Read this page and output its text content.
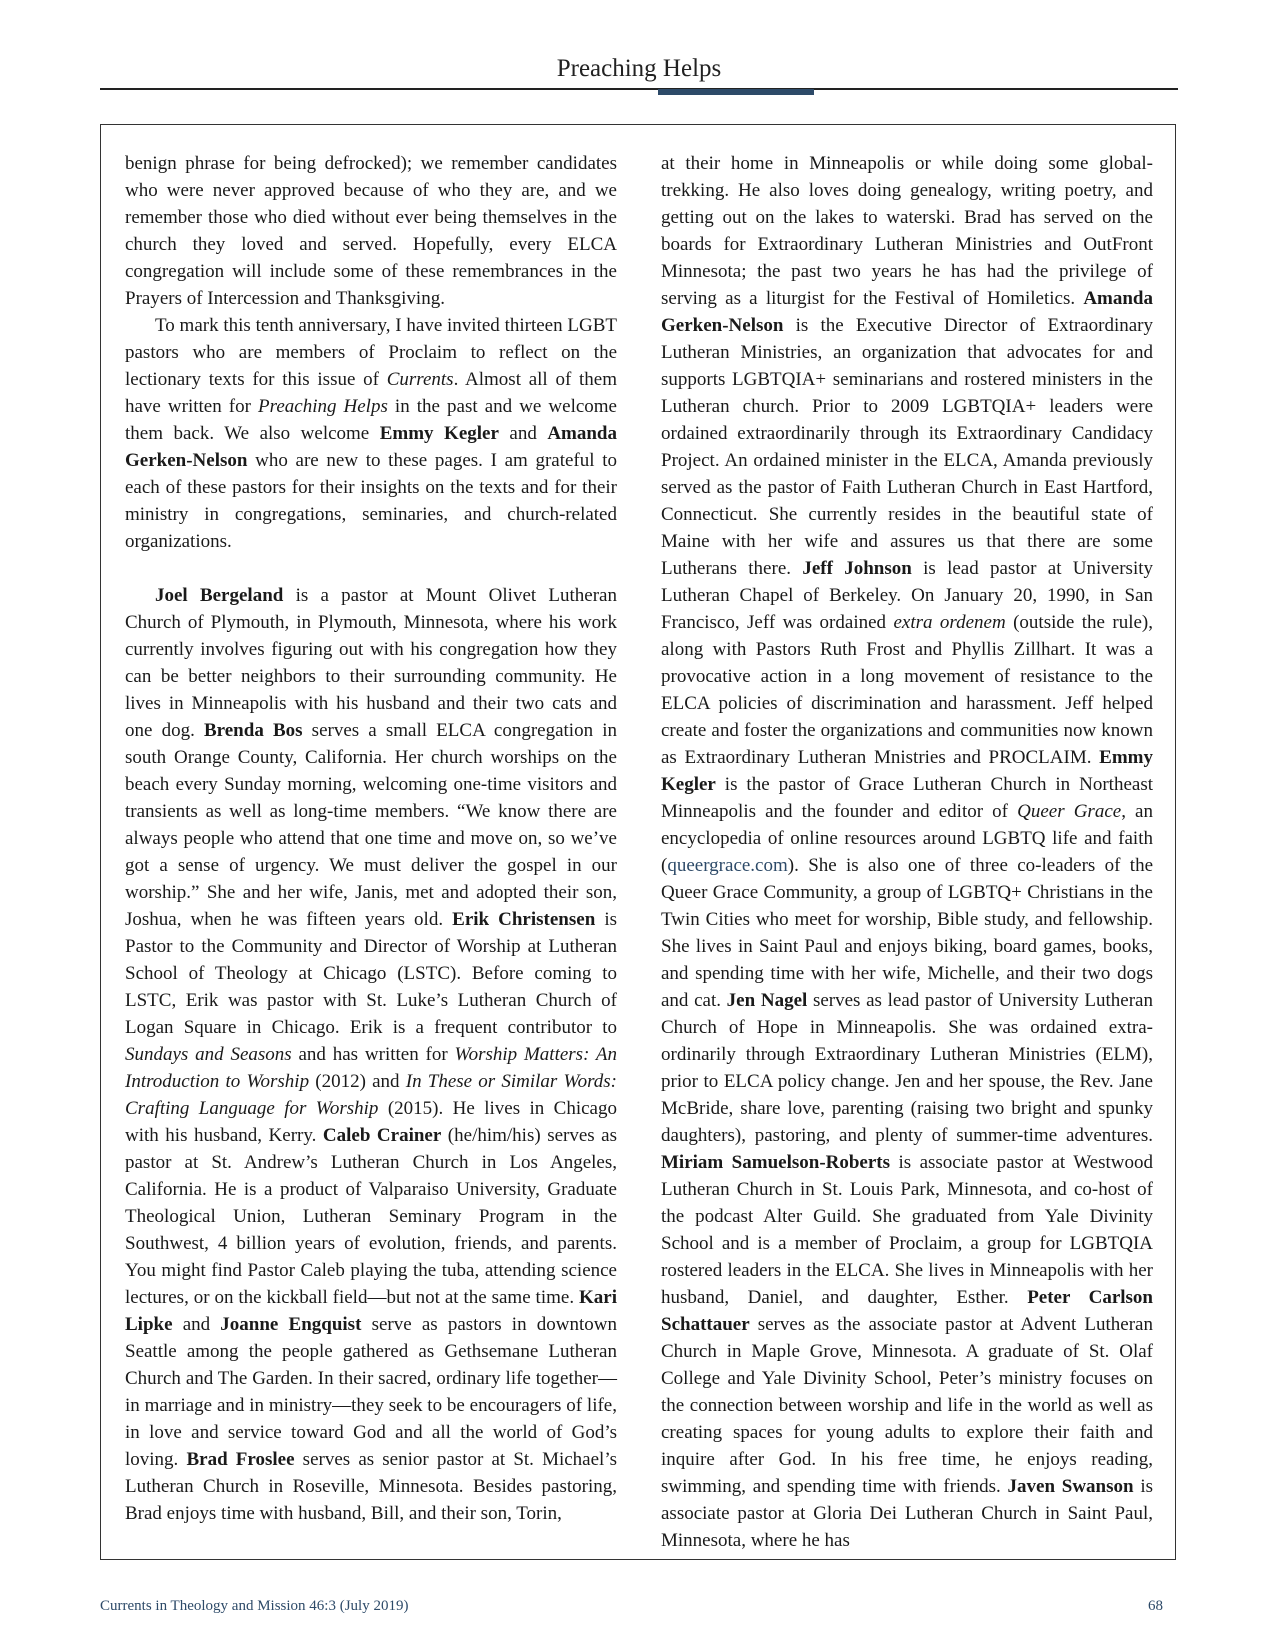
Preaching Helps

benign phrase for being defrocked); we remember candidates who were never approved because of who they are, and we remember those who died without ever being themselves in the church they loved and served. Hopefully, every ELCA congregation will include some of these remembrances in the Prayers of Intercession and Thanksgiving.

To mark this tenth anniversary, I have invited thirteen LGBT pastors who are members of Proclaim to reflect on the lectionary texts for this issue of Currents. Almost all of them have written for Preaching Helps in the past and we welcome them back. We also welcome Emmy Kegler and Amanda Gerken-Nelson who are new to these pages. I am grateful to each of these pastors for their insights on the texts and for their ministry in congregations, seminaries, and church-related organizations.

Joel Bergeland is a pastor at Mount Olivet Lutheran Church of Plymouth, in Plymouth, Minnesota, where his work currently involves figuring out with his congregation how they can be better neighbors to their surrounding community. He lives in Minneapolis with his husband and their two cats and one dog. Brenda Bos serves a small ELCA congregation in south Orange County, California. Her church worships on the beach every Sunday morning, welcoming one-time visitors and transients as well as long-time members. “We know there are always people who attend that one time and move on, so we’ve got a sense of urgency. We must deliver the gospel in our worship.” She and her wife, Janis, met and adopted their son, Joshua, when he was fifteen years old. Erik Christensen is Pastor to the Community and Director of Worship at Lutheran School of Theology at Chicago (LSTC). Before coming to LSTC, Erik was pastor with St. Luke’s Lutheran Church of Logan Square in Chicago. Erik is a frequent contributor to Sundays and Seasons and has written for Worship Matters: An Introduction to Worship (2012) and In These or Similar Words: Crafting Language for Worship (2015). He lives in Chicago with his husband, Kerry. Caleb Crainer (he/him/his) serves as pastor at St. Andrew’s Lutheran Church in Los Angeles, California. He is a product of Valparaiso University, Graduate Theological Union, Lutheran Seminary Program in the Southwest, 4 billion years of evolution, friends, and parents. You might find Pastor Caleb playing the tuba, attending science lectures, or on the kickball field—but not at the same time. Kari Lipke and Joanne Engquist serve as pastors in downtown Seattle among the people gathered as Gethsemane Lutheran Church and The Garden. In their sacred, ordinary life together—in marriage and in ministry—they seek to be encouragers of life, in love and service toward God and all the world of God’s loving. Brad Froslee serves as senior pastor at St. Michael’s Lutheran Church in Roseville, Minnesota. Besides pastoring, Brad enjoys time with husband, Bill, and their son, Torin,

at their home in Minneapolis or while doing some global-trekking. He also loves doing genealogy, writing poetry, and getting out on the lakes to waterski. Brad has served on the boards for Extraordinary Lutheran Ministries and OutFront Minnesota; the past two years he has had the privilege of serving as a liturgist for the Festival of Homiletics. Amanda Gerken-Nelson is the Executive Director of Extraordinary Lutheran Ministries, an organization that advocates for and supports LGBTQIA+ seminarians and rostered ministers in the Lutheran church. Prior to 2009 LGBTQIA+ leaders were ordained extraordinarily through its Extraordinary Candidacy Project. An ordained minister in the ELCA, Amanda previously served as the pastor of Faith Lutheran Church in East Hartford, Connecticut. She currently resides in the beautiful state of Maine with her wife and assures us that there are some Lutherans there. Jeff Johnson is lead pastor at University Lutheran Chapel of Berkeley. On January 20, 1990, in San Francisco, Jeff was ordained extra ordenem (outside the rule), along with Pastors Ruth Frost and Phyllis Zillhart. It was a provocative action in a long movement of resistance to the ELCA policies of discrimination and harassment. Jeff helped create and foster the organizations and communities now known as Extraordinary Lutheran Mnistries and PROCLAIM. Emmy Kegler is the pastor of Grace Lutheran Church in Northeast Minneapolis and the founder and editor of Queer Grace, an encyclopedia of online resources around LGBTQ life and faith (queergrace.com). She is also one of three co-leaders of the Queer Grace Community, a group of LGBTQ+ Christians in the Twin Cities who meet for worship, Bible study, and fellowship. She lives in Saint Paul and enjoys biking, board games, books, and spending time with her wife, Michelle, and their two dogs and cat. Jen Nagel serves as lead pastor of University Lutheran Church of Hope in Minneapolis. She was ordained extra-ordinarily through Extraordinary Lutheran Ministries (ELM), prior to ELCA policy change. Jen and her spouse, the Rev. Jane McBride, share love, parenting (raising two bright and spunky daughters), pastoring, and plenty of summer-time adventures. Miriam Samuelson-Roberts is associate pastor at Westwood Lutheran Church in St. Louis Park, Minnesota, and co-host of the podcast Alter Guild. She graduated from Yale Divinity School and is a member of Proclaim, a group for LGBTQIA rostered leaders in the ELCA. She lives in Minneapolis with her husband, Daniel, and daughter, Esther. Peter Carlson Schattauer serves as the associate pastor at Advent Lutheran Church in Maple Grove, Minnesota. A graduate of St. Olaf College and Yale Divinity School, Peter’s ministry focuses on the connection between worship and life in the world as well as creating spaces for young adults to explore their faith and inquire after God. In his free time, he enjoys reading, swimming, and spending time with friends. Javen Swanson is associate pastor at Gloria Dei Lutheran Church in Saint Paul, Minnesota, where he has

Currents in Theology and Mission 46:3 (July 2019)	68
